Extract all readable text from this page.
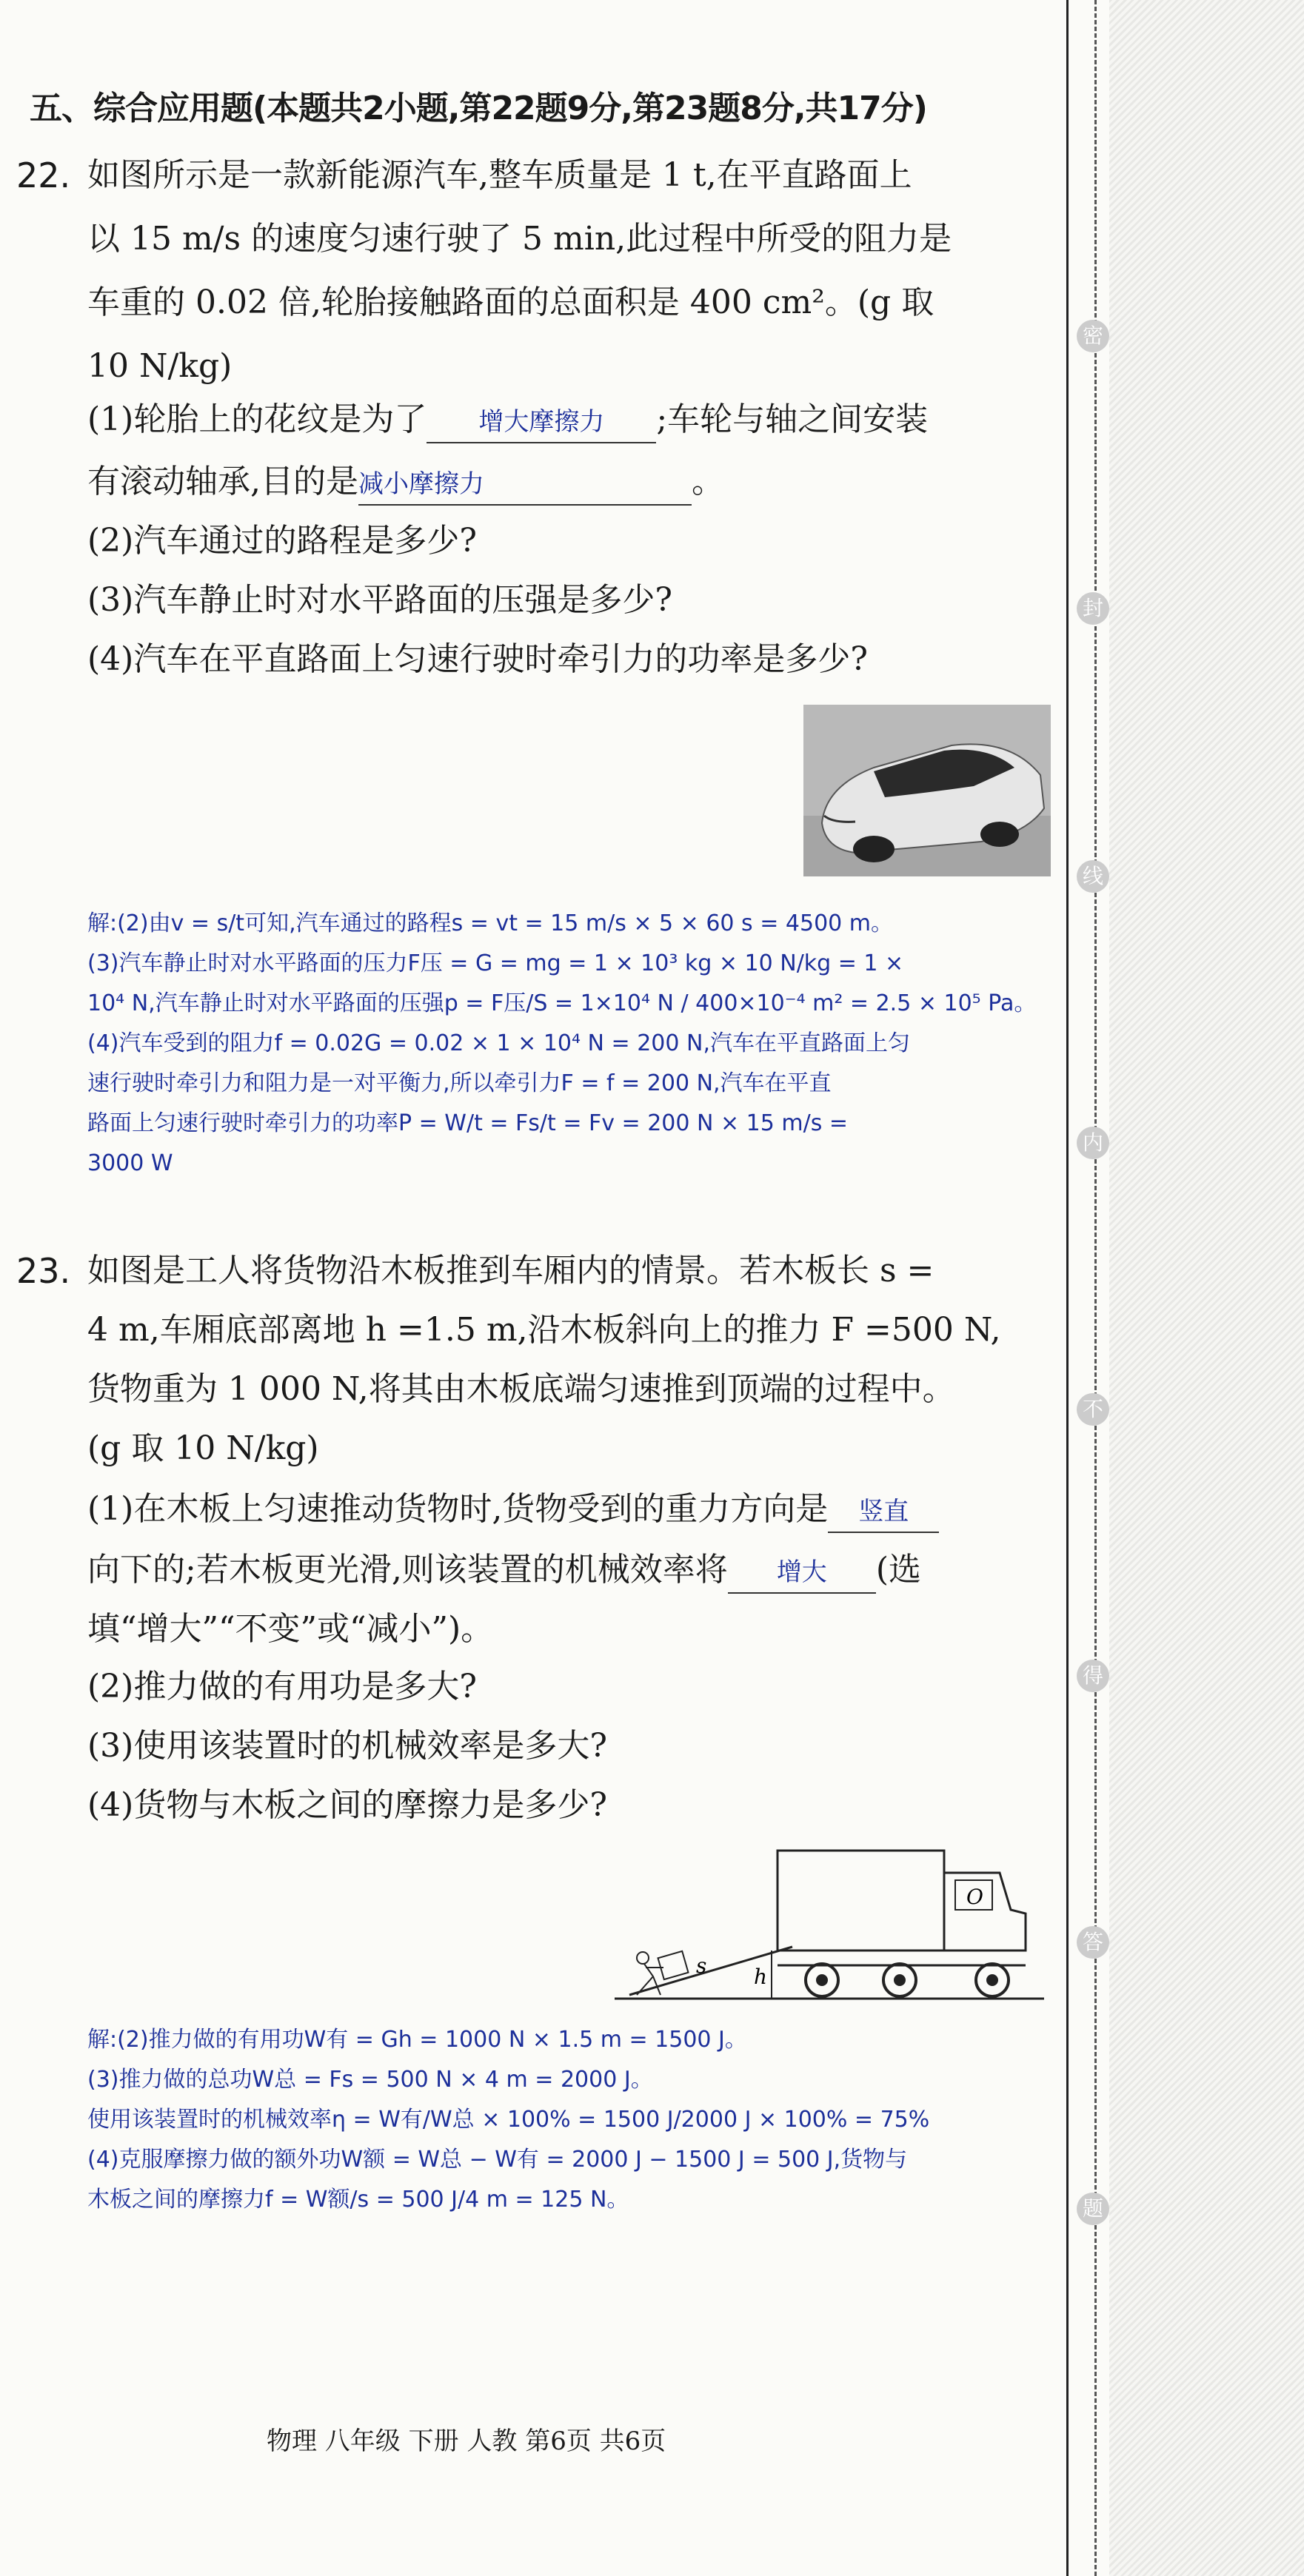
五、综合应用题(本题共2小题,第22题9分,第23题8分,共17分)
22. 如图所示是一款新能源汽车,整车质量是 1 t,在平直路面上
以 15 m/s 的速度匀速行驶了 5 min,此过程中所受的阻力是
车重的 0.02 倍,轮胎接触路面的总面积是 400 cm²。(g 取
10 N/kg)
(1)轮胎上的花纹是为了 增大摩擦力 ;车轮与轴之间安装
有滚动轴承,目的是减小摩擦力	。
(2)汽车通过的路程是多少?
(3)汽车静止时对水平路面的压强是多少?
(4)汽车在平直路面上匀速行驶时牵引力的功率是多少?
解:(2)由v = s/t可知,汽车通过的路程s = vt = 15 m/s × 5 × 60 s = 4500 m。
(3)汽车静止时对水平路面的压力F压 = G = mg = 1 × 10³ kg × 10 N/kg = 1 ×
10⁴ N,汽车静止时对水平路面的压强p = F压/S = 1×10⁴ N / 400×10⁻⁴ m² = 2.5 × 10⁵ Pa。
(4)汽车受到的阻力f = 0.02G = 0.02 × 1 × 10⁴ N = 200 N,汽车在平直路面上匀
速行驶时牵引力和阻力是一对平衡力,所以牵引力F = f = 200 N,汽车在平直
路面上匀速行驶时牵引力的功率P = W/t = Fs/t = Fv = 200 N × 15 m/s =
3000 W
23. 如图是工人将货物沿木板推到车厢内的情景。若木板长 s =
4 m,车厢底部离地 h =1.5 m,沿木板斜向上的推力 F =500 N,
货物重为 1 000 N,将其由木板底端匀速推到顶端的过程中。
(g 取 10 N/kg)
(1)在木板上匀速推动货物时,货物受到的重力方向是 竖直
向下的;若木板更光滑,则该装置的机械效率将 增大 (选
填“增大”“不变”或“减小”)。
(2)推力做的有用功是多大?
(3)使用该装置时的机械效率是多大?
(4)货物与木板之间的摩擦力是多少?
O
h
s
解:(2)推力做的有用功W有 = Gh = 1000 N × 1.5 m = 1500 J。
(3)推力做的总功W总 = Fs = 500 N × 4 m = 2000 J。
使用该装置时的机械效率η = W有/W总 × 100% = 1500 J/2000 J × 100% = 75%
(4)克服摩擦力做的额外功W额 = W总 − W有 = 2000 J − 1500 J = 500 J,货物与
木板之间的摩擦力f = W额/s = 500 J/4 m = 125 N。
物理 八年级 下册 人教 第6页 共6页
密
封
线
内
不
得
答
题
